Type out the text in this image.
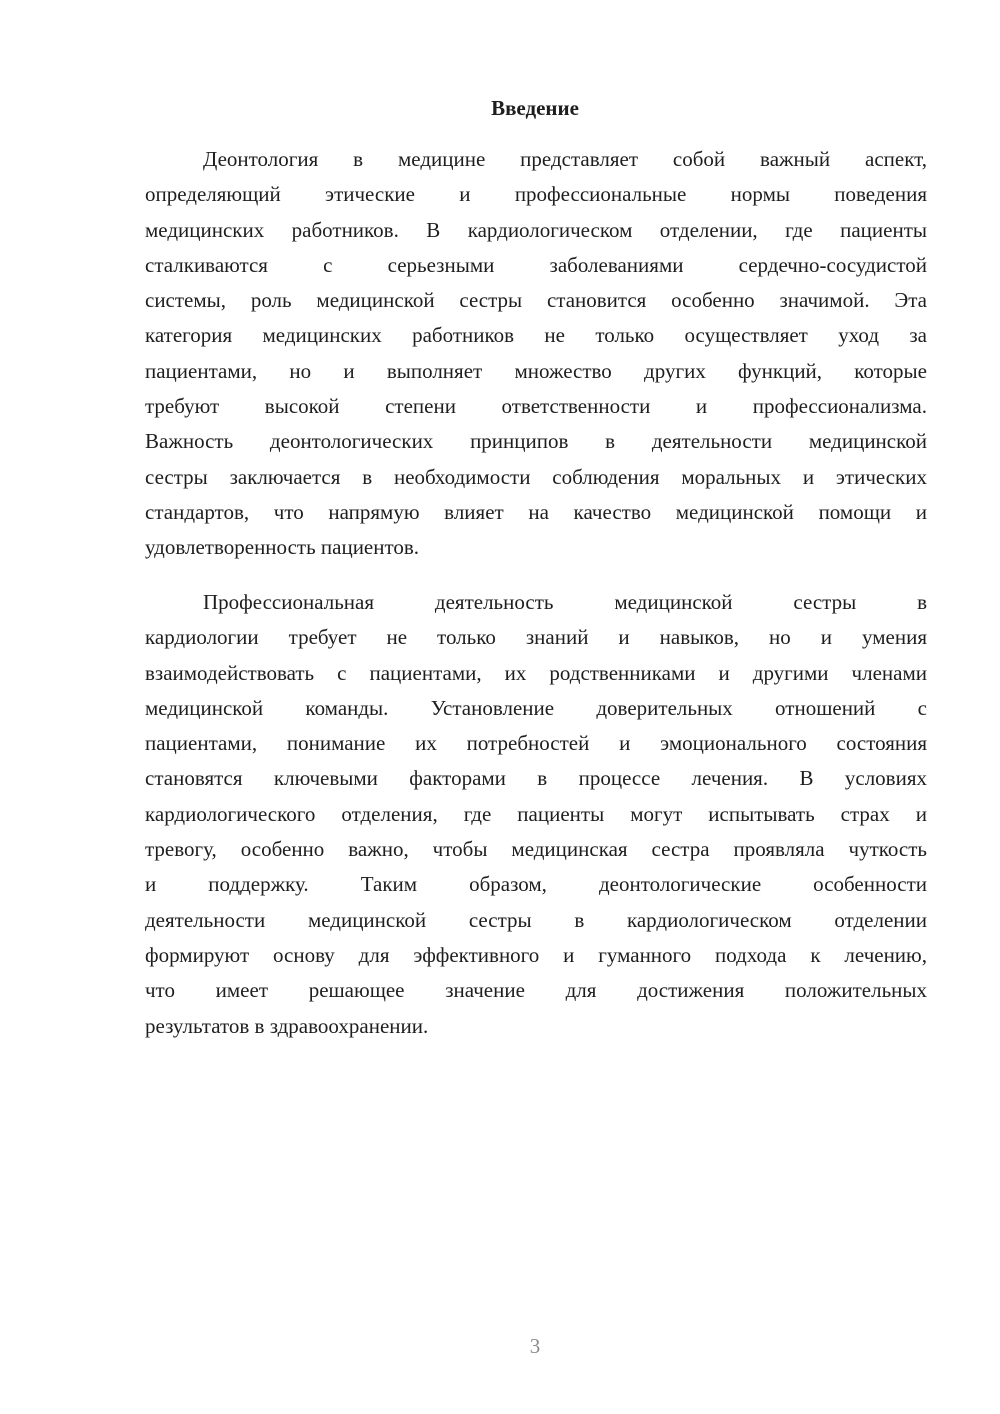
Введение
Деонтология в медицине представляет собой важный аспект,
определяющий этические и профессиональные нормы поведения
медицинских работников. В кардиологическом отделении, где пациенты
сталкиваются с серьезными заболеваниями сердечно-сосудистой
системы, роль медицинской сестры становится особенно значимой. Эта
категория медицинских работников не только осуществляет уход за
пациентами, но и выполняет множество других функций, которые
требуют высокой степени ответственности и профессионализма.
Важность деонтологических принципов в деятельности медицинской
сестры заключается в необходимости соблюдения моральных и этических
стандартов, что напрямую влияет на качество медицинской помощи и
удовлетворенность пациентов.
Профессиональная деятельность медицинской сестры в
кардиологии требует не только знаний и навыков, но и умения
взаимодействовать с пациентами, их родственниками и другими членами
медицинской команды. Установление доверительных отношений с
пациентами, понимание их потребностей и эмоционального состояния
становятся ключевыми факторами в процессе лечения. В условиях
кардиологического отделения, где пациенты могут испытывать страх и
тревогу, особенно важно, чтобы медицинская сестра проявляла чуткость
и поддержку. Таким образом, деонтологические особенности
деятельности медицинской сестры в кардиологическом отделении
формируют основу для эффективного и гуманного подхода к лечению,
что имеет решающее значение для достижения положительных
результатов в здравоохранении.
3
